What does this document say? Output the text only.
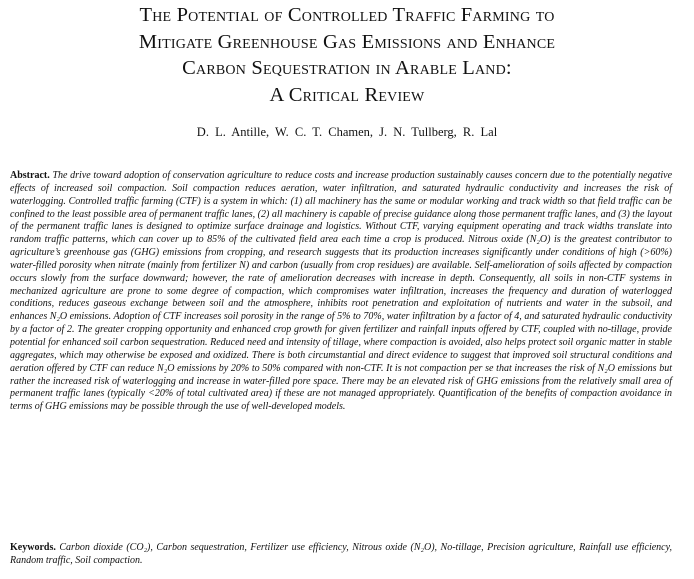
The Potential of Controlled Traffic Farming to
Mitigate Greenhouse Gas Emissions and Enhance
Carbon Sequestration in Arable Land:
A Critical Review
D. L. Antille, W. C. T. Chamen, J. N. Tullberg, R. Lal
Abstract. The drive toward adoption of conservation agriculture to reduce costs and increase production sustainably causes concern due to the potentially negative effects of increased soil compaction. Soil compaction reduces aeration, water infiltration, and saturated hydraulic conductivity and increases the risk of waterlogging. Controlled traffic farming (CTF) is a system in which: (1) all machinery has the same or modular working and track width so that field traffic can be confined to the least possible area of permanent traffic lanes, (2) all machinery is capable of precise guidance along those permanent traffic lanes, and (3) the layout of the permanent traffic lanes is designed to optimize surface drainage and logistics. Without CTF, varying equipment operating and track widths translate into random traffic patterns, which can cover up to 85% of the cultivated field area each time a crop is produced. Nitrous oxide (N₂O) is the greatest contributor to agriculture’s greenhouse gas (GHG) emissions from cropping, and research suggests that its production increases significantly under conditions of high (>60%) water-filled porosity when nitrate (mainly from fertilizer N) and carbon (usually from crop residues) are available. Self-amelioration of soils affected by compaction occurs slowly from the surface downward; however, the rate of amelioration decreases with increase in depth. Consequently, all soils in non-CTF systems in mechanized agriculture are prone to some degree of compaction, which compromises water infiltration, increases the frequency and duration of waterlogged conditions, reduces gaseous exchange between soil and the atmosphere, inhibits root penetration and exploitation of nutrients and water in the subsoil, and enhances N₂O emissions. Adoption of CTF increases soil porosity in the range of 5% to 70%, water infiltration by a factor of 4, and saturated hydraulic conductivity by a factor of 2. The greater cropping opportunity and enhanced crop growth for given fertilizer and rainfall inputs offered by CTF, coupled with no-tillage, provide potential for enhanced soil carbon sequestration. Reduced need and intensity of tillage, where compaction is avoided, also helps protect soil organic matter in stable aggregates, which may otherwise be exposed and oxidized. There is both circumstantial and direct evidence to suggest that improved soil structural conditions and aeration offered by CTF can reduce N₂O emissions by 20% to 50% compared with non-CTF. It is not compaction per se that increases the risk of N₂O emissions but rather the increased risk of waterlogging and increase in water-filled pore space. There may be an elevated risk of GHG emissions from the relatively small area of permanent traffic lanes (typically <20% of total cultivated area) if these are not managed appropriately. Quantification of the benefits of compaction avoidance in terms of GHG emissions may be possible through the use of well-developed models.
Keywords. Carbon dioxide (CO₂), Carbon sequestration, Fertilizer use efficiency, Nitrous oxide (N₂O), No-tillage, Precision agriculture, Rainfall use efficiency, Random traffic, Soil compaction.
